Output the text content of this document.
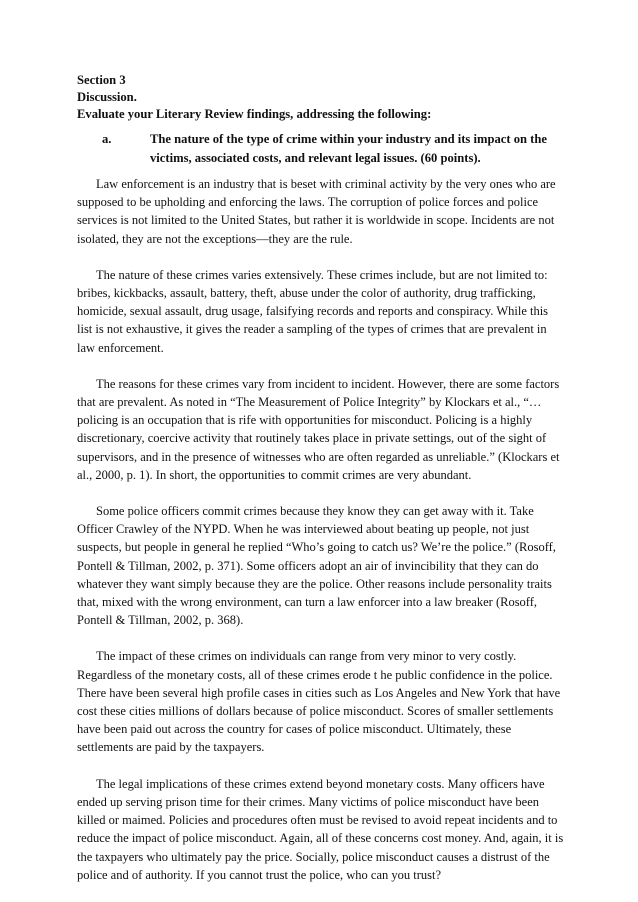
Section 3
Discussion.
Evaluate your Literary Review findings, addressing the following:
a.	The nature of the type of crime within your industry and its impact on the victims, associated costs, and relevant legal issues. (60 points).

Law enforcement is an industry that is beset with criminal activity by the very ones who are supposed to be upholding and enforcing the laws. The corruption of police forces and police services is not limited to the United States, but rather it is worldwide in scope. Incidents are not isolated, they are not the exceptions—they are the rule.

The nature of these crimes varies extensively. These crimes include, but are not limited to: bribes, kickbacks, assault, battery, theft, abuse under the color of authority, drug trafficking, homicide, sexual assault, drug usage, falsifying records and reports and conspiracy. While this list is not exhaustive, it gives the reader a sampling of the types of crimes that are prevalent in law enforcement.

The reasons for these crimes vary from incident to incident. However, there are some factors that are prevalent. As noted in “The Measurement of Police Integrity” by Klockars et al., “…policing is an occupation that is rife with opportunities for misconduct. Policing is a highly discretionary, coercive activity that routinely takes place in private settings, out of the sight of supervisors, and in the presence of witnesses who are often regarded as unreliable.” (Klockars et al., 2000, p. 1). In short, the opportunities to commit crimes are very abundant.

Some police officers commit crimes because they know they can get away with it. Take Officer Crawley of the NYPD. When he was interviewed about beating up people, not just suspects, but people in general he replied “Who’s going to catch us? We’re the police.” (Rosoff, Pontell & Tillman, 2002, p. 371). Some officers adopt an air of invincibility that they can do whatever they want simply because they are the police. Other reasons include personality traits that, mixed with the wrong environment, can turn a law enforcer into a law breaker (Rosoff, Pontell & Tillman, 2002, p. 368).

The impact of these crimes on individuals can range from very minor to very costly. Regardless of the monetary costs, all of these crimes erode t he public confidence in the police. There have been several high profile cases in cities such as Los Angeles and New York that have cost these cities millions of dollars because of police misconduct. Scores of smaller settlements have been paid out across the country for cases of police misconduct. Ultimately, these settlements are paid by the taxpayers.

The legal implications of these crimes extend beyond monetary costs. Many officers have ended up serving prison time for their crimes. Many victims of police misconduct have been killed or maimed. Policies and procedures often must be revised to avoid repeat incidents and to reduce the impact of police misconduct. Again, all of these concerns cost money. And, again, it is the taxpayers who ultimately pay the price. Socially, police misconduct causes a distrust of the police and of authority. If you cannot trust the police, who can you trust?
